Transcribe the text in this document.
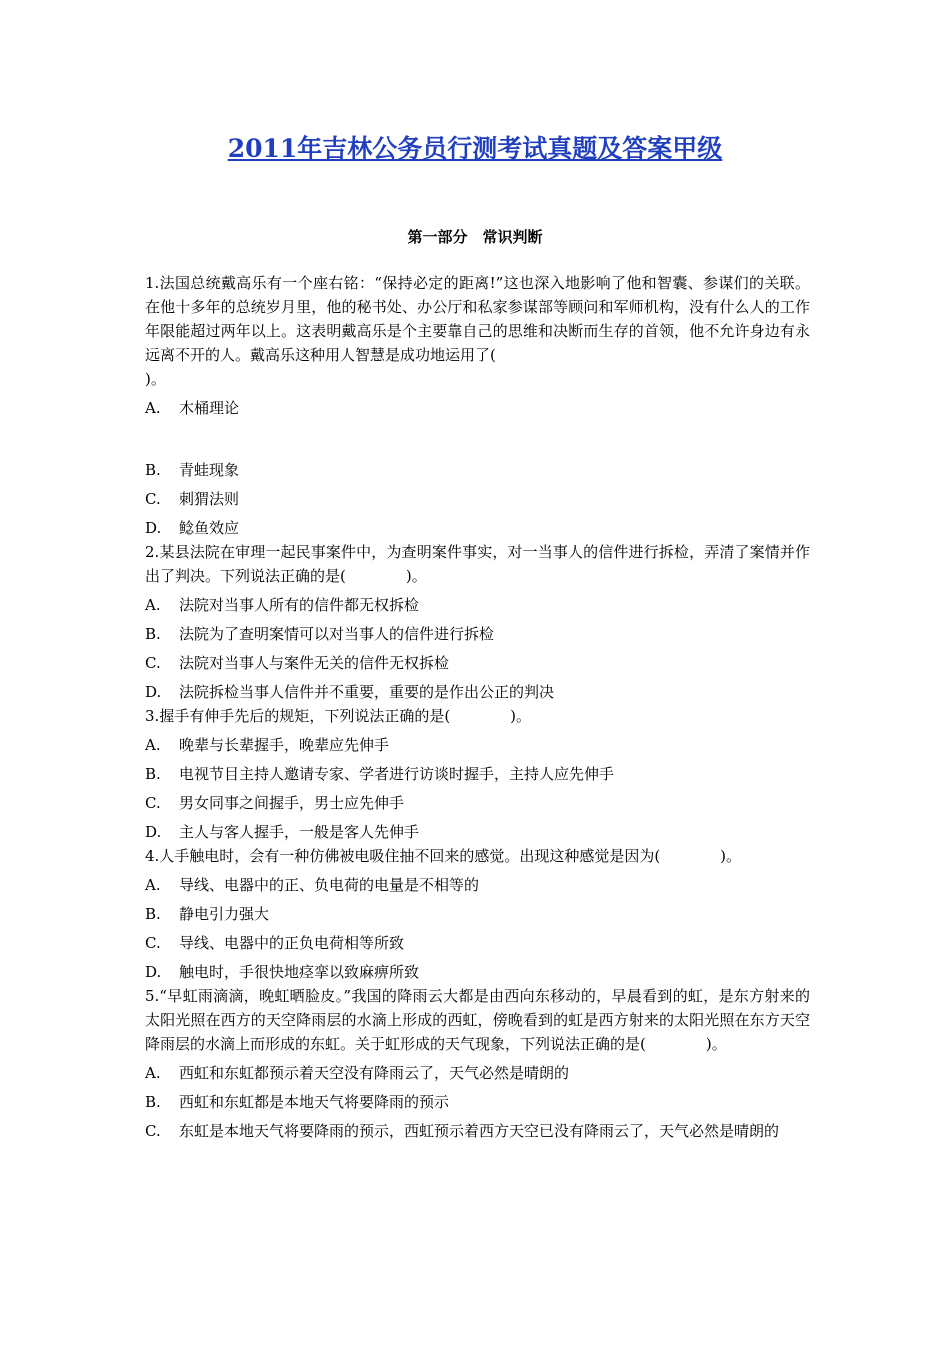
2011年吉林公务员行测考试真题及答案甲级
第一部分　常识判断

1.法国总统戴高乐有一个座右铭：“保持必定的距离!”这也深入地影响了他和智囊、参谋们的关联。在他十多年的总统岁月里，他的秘书处、办公厅和私家参谋部等顾问和军师机构，没有什么人的工作年限能超过两年以上。这表明戴高乐是个主要靠自己的思维和决断而生存的首领，他不允许身边有永远离不开的人。戴高乐这种用人智慧是成功地运用了(

)。

A. 木桶理论
B. 青蛙现象
C. 刺猬法则
D. 鲶鱼效应

2.某县法院在审理一起民事案件中，为查明案件事实，对一当事人的信件进行拆检，弄清了案情并作出了判决。下列说法正确的是(　　　　)。

A. 法院对当事人所有的信件都无权拆检
B. 法院为了查明案情可以对当事人的信件进行拆检
C. 法院对当事人与案件无关的信件无权拆检
D. 法院拆检当事人信件并不重要，重要的是作出公正的判决

3.握手有伸手先后的规矩，下列说法正确的是(　　　　)。

A. 晚辈与长辈握手，晚辈应先伸手
B. 电视节目主持人邀请专家、学者进行访谈时握手，主持人应先伸手
C. 男女同事之间握手，男士应先伸手
D. 主人与客人握手，一般是客人先伸手

4.人手触电时，会有一种仿佛被电吸住抽不回来的感觉。出现这种感觉是因为(　　　　)。

A. 导线、电器中的正、负电荷的电量是不相等的
B. 静电引力强大
C. 导线、电器中的正负电荷相等所致
D. 触电时，手很快地痉挛以致麻痹所致

5.“早虹雨滴滴，晚虹晒脸皮。”我国的降雨云大都是由西向东移动的，早晨看到的虹，是东方射来的太阳光照在西方的天空降雨层的水滴上形成的西虹，傍晚看到的虹是西方射来的太阳光照在东方天空降雨层的水滴上而形成的东虹。关于虹形成的天气现象，下列说法正确的是(　　　　)。

A. 西虹和东虹都预示着天空没有降雨云了，天气必然是晴朗的
B. 西虹和东虹都是本地天气将要降雨的预示
C. 东虹是本地天气将要降雨的预示，西虹预示着西方天空已没有降雨云了，天气必然是晴朗的
